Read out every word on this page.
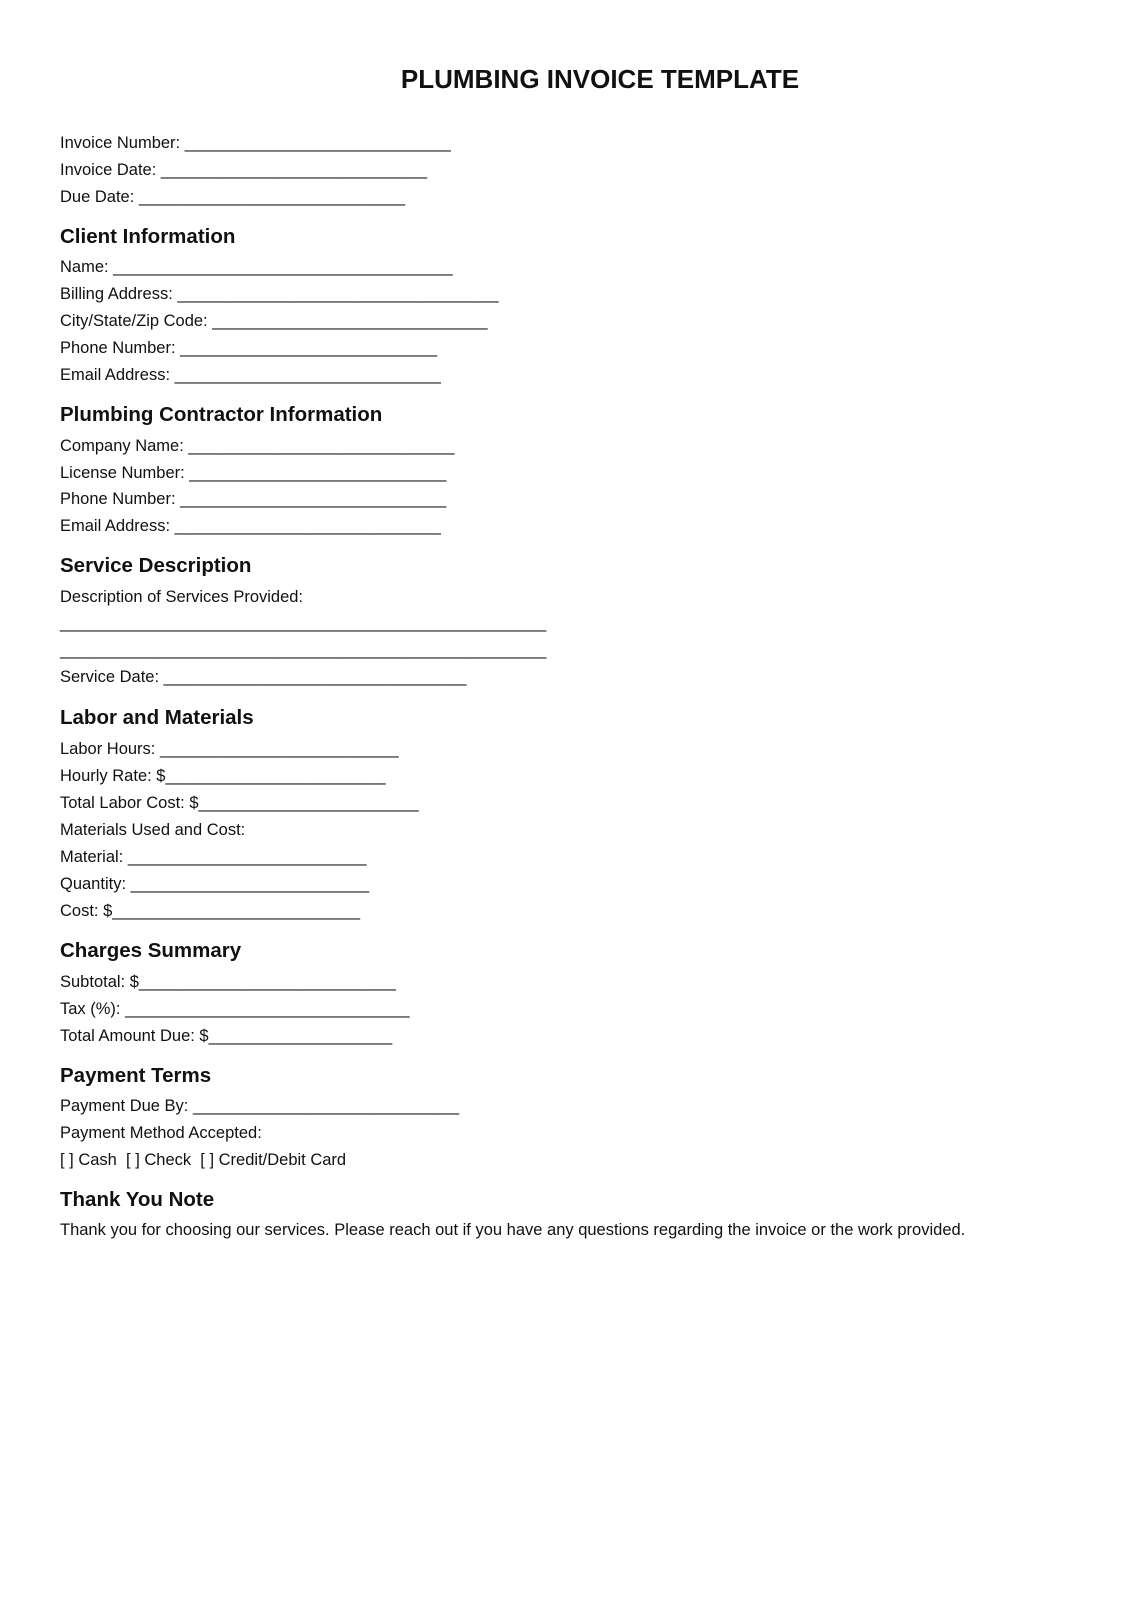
PLUMBING INVOICE TEMPLATE
Invoice Number: _____________________________
Invoice Date: _____________________________
Due Date: _____________________________
Client Information
Name: _____________________________________
Billing Address: ___________________________________
City/State/Zip Code: ______________________________
Phone Number: ____________________________
Email Address: _____________________________
Plumbing Contractor Information
Company Name: _____________________________
License Number: ____________________________
Phone Number: _____________________________
Email Address: _____________________________
Service Description
Description of Services Provided:
_____________________________________________________
_____________________________________________________
Service Date: _________________________________
Labor and Materials
Labor Hours: __________________________
Hourly Rate: $________________________
Total Labor Cost: $________________________
Materials Used and Cost:
Material: __________________________
Quantity: __________________________
Cost: $___________________________
Charges Summary
Subtotal: $____________________________
Tax (%): _______________________________
Total Amount Due: $____________________
Payment Terms
Payment Due By: _____________________________
Payment Method Accepted:
[ ] Cash  [ ] Check  [ ] Credit/Debit Card
Thank You Note
Thank you for choosing our services. Please reach out if you have any questions regarding the invoice or the work provided.
